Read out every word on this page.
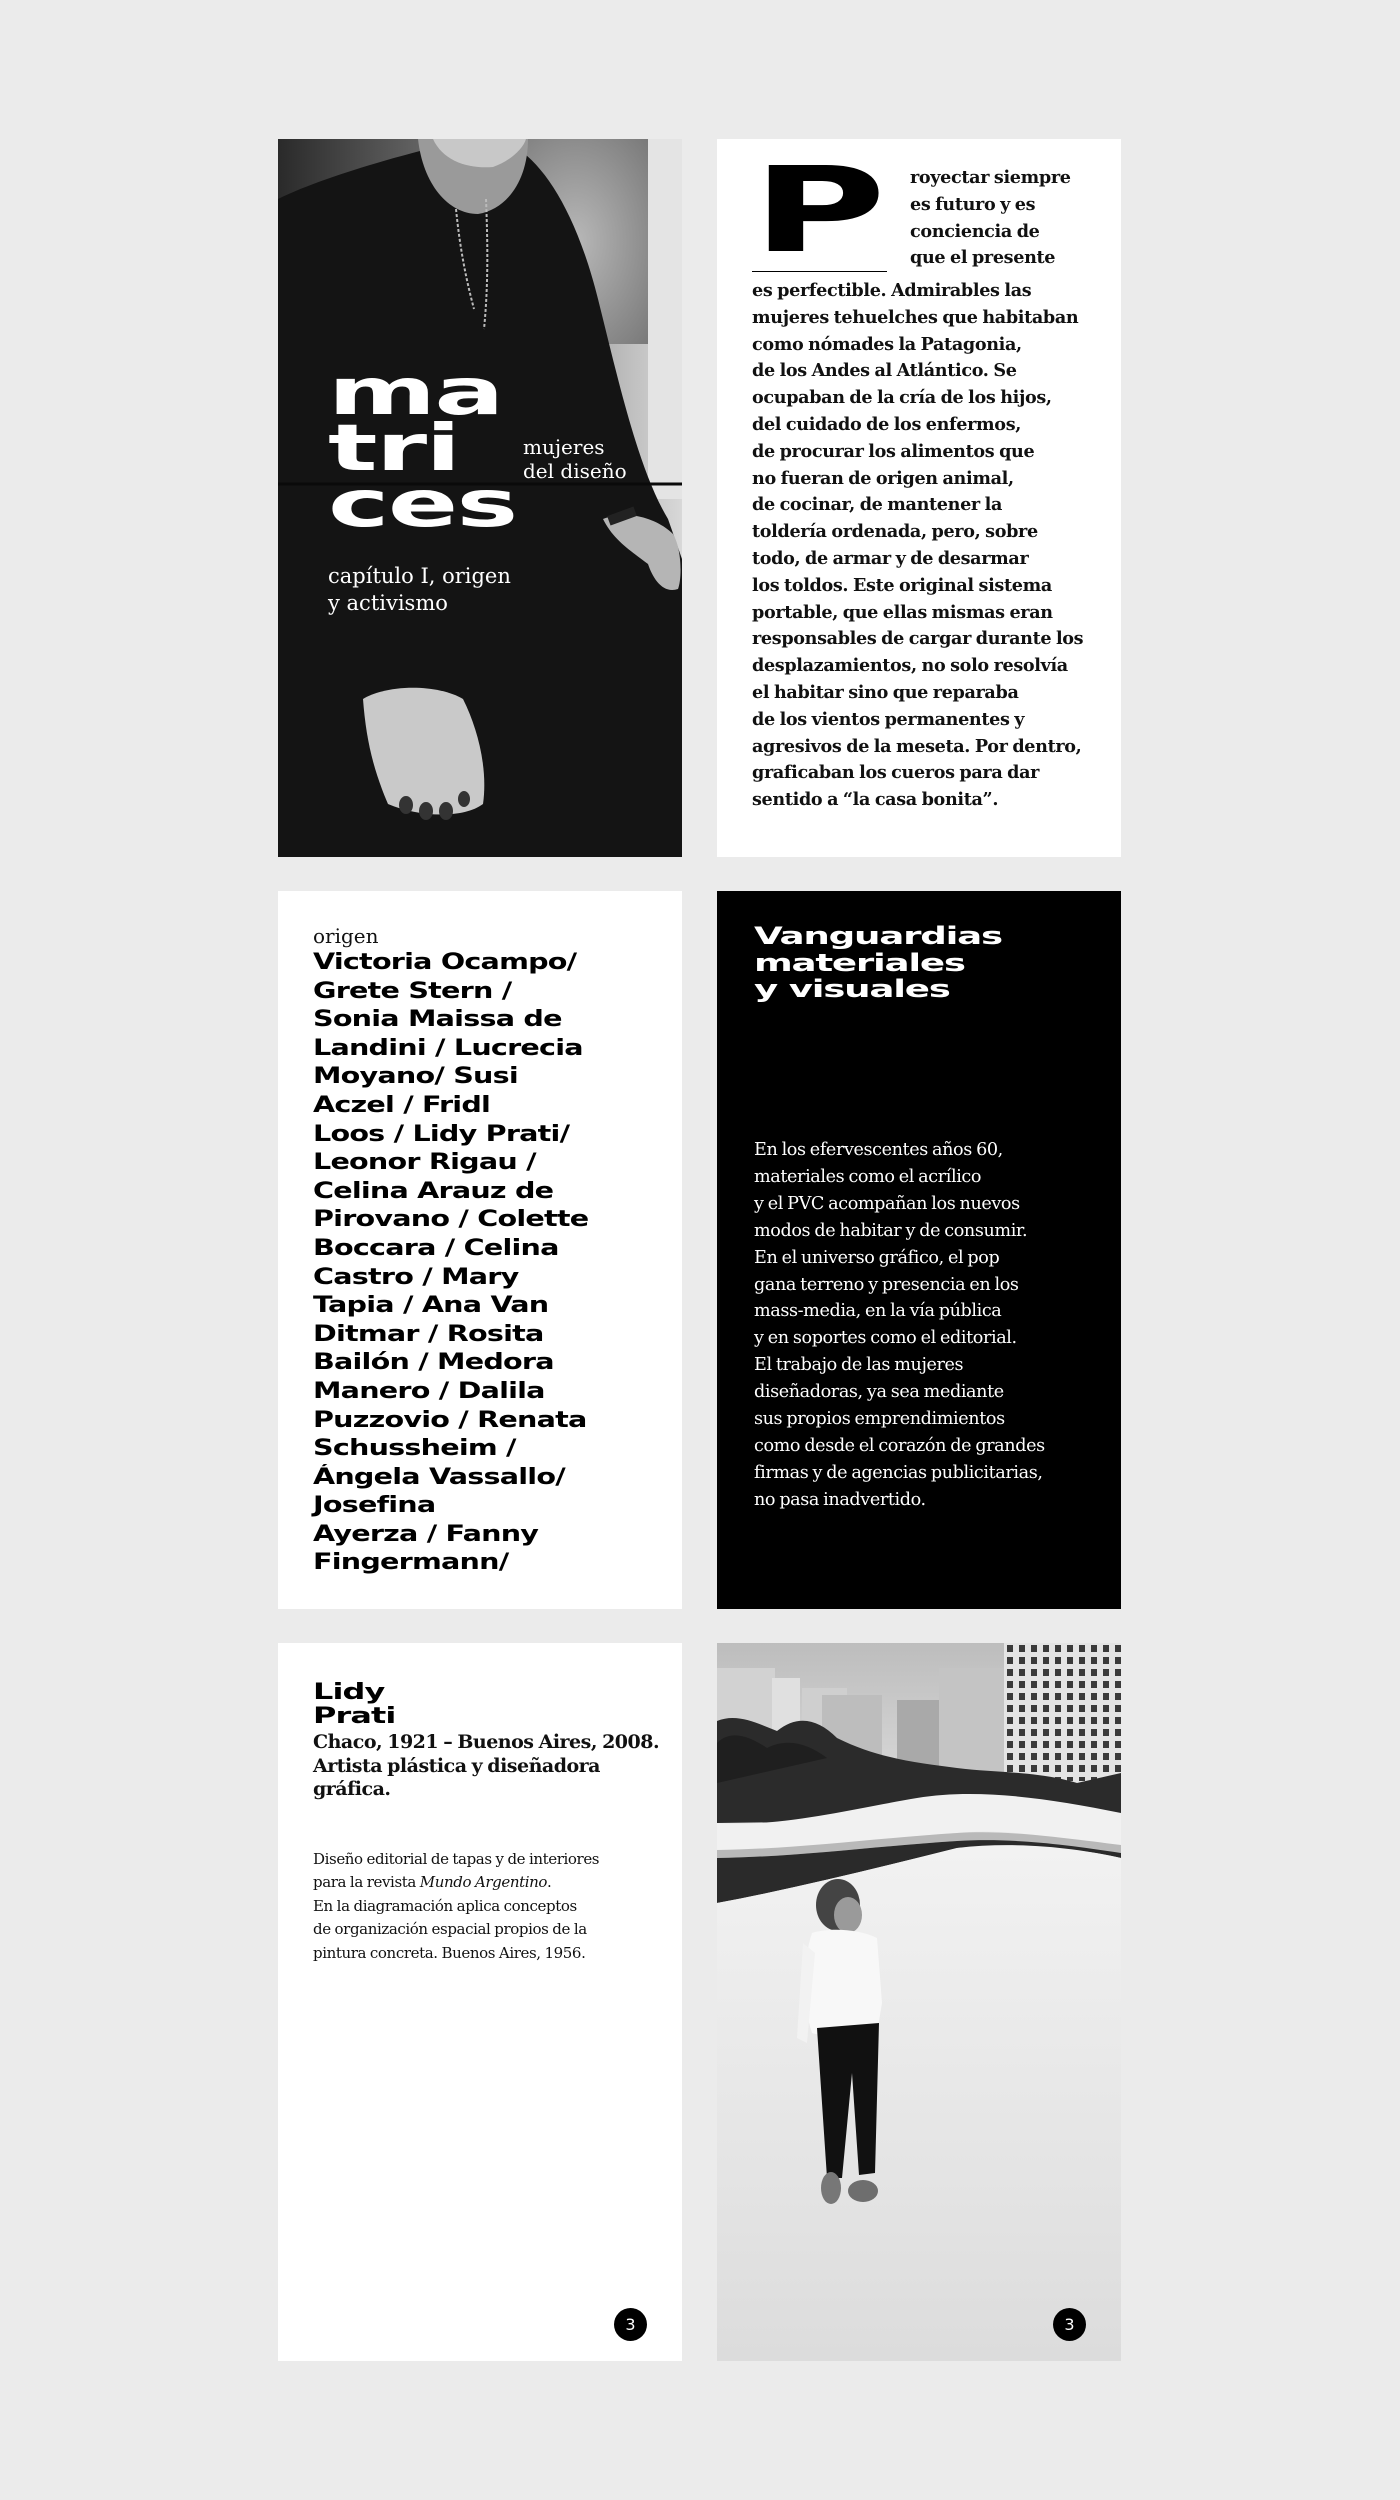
ma
tri
ces
mujeres
del diseño
capítulo I, origen
y activismo
P	royectar siempre
es futuro y es
conciencia de
que el presente
es perfectible. Admirables las
mujeres tehuelches que habitaban
como nómades la Patagonia,
de los Andes al Atlántico. Se
ocupaban de la cría de los hijos,
del cuidado de los enfermos,
de procurar los alimentos que
no fueran de origen animal,
de cocinar, de mantener la
toldería ordenada, pero, sobre
todo, de armar y de desarmar
los toldos. Este original sistema
portable, que ellas mismas eran
responsables de cargar durante los
desplazamientos, no solo resolvía
el habitar sino que reparaba
de los vientos permanentes y
agresivos de la meseta. Por dentro,
graficaban los cueros para dar
sentido a “la casa bonita”.

origen
Victoria Ocampo/
Grete Stern /
Sonia Maissa de
Landini / Lucrecia
Moyano/ Susi
Aczel / Fridl
Loos / Lidy Prati/
Leonor Rigau /
Celina Arauz de
Pirovano / Colette
Boccara / Celina
Castro / Mary
Tapia / Ana Van
Ditmar / Rosita
Bailón / Medora
Manero / Dalila
Puzzovio / Renata
Schussheim /
Ángela Vassallo/
Josefina
Ayerza / Fanny
Fingermann/
Vanguardias
materiales
y visuales
En los efervescentes años 60,
materiales como el acrílico
y el PVC acompañan los nuevos
modos de habitar y de consumir.
En el universo gráfico, el pop
gana terreno y presencia en los
mass-media, en la vía pública
y en soportes como el editorial.
El trabajo de las mujeres
diseñadoras, ya sea mediante
sus propios emprendimientos
como desde el corazón de grandes
firmas y de agencias publicitarias,
no pasa inadvertido.
Lidy
Prati
Chaco, 1921 – Buenos Aires, 2008.
Artista plástica y diseñadora
gráfica.
Diseño editorial de tapas y de interiores
para la revista Mundo Argentino.
En la diagramación aplica conceptos
de organización espacial propios de la
pintura concreta. Buenos Aires, 1956.
3	3
